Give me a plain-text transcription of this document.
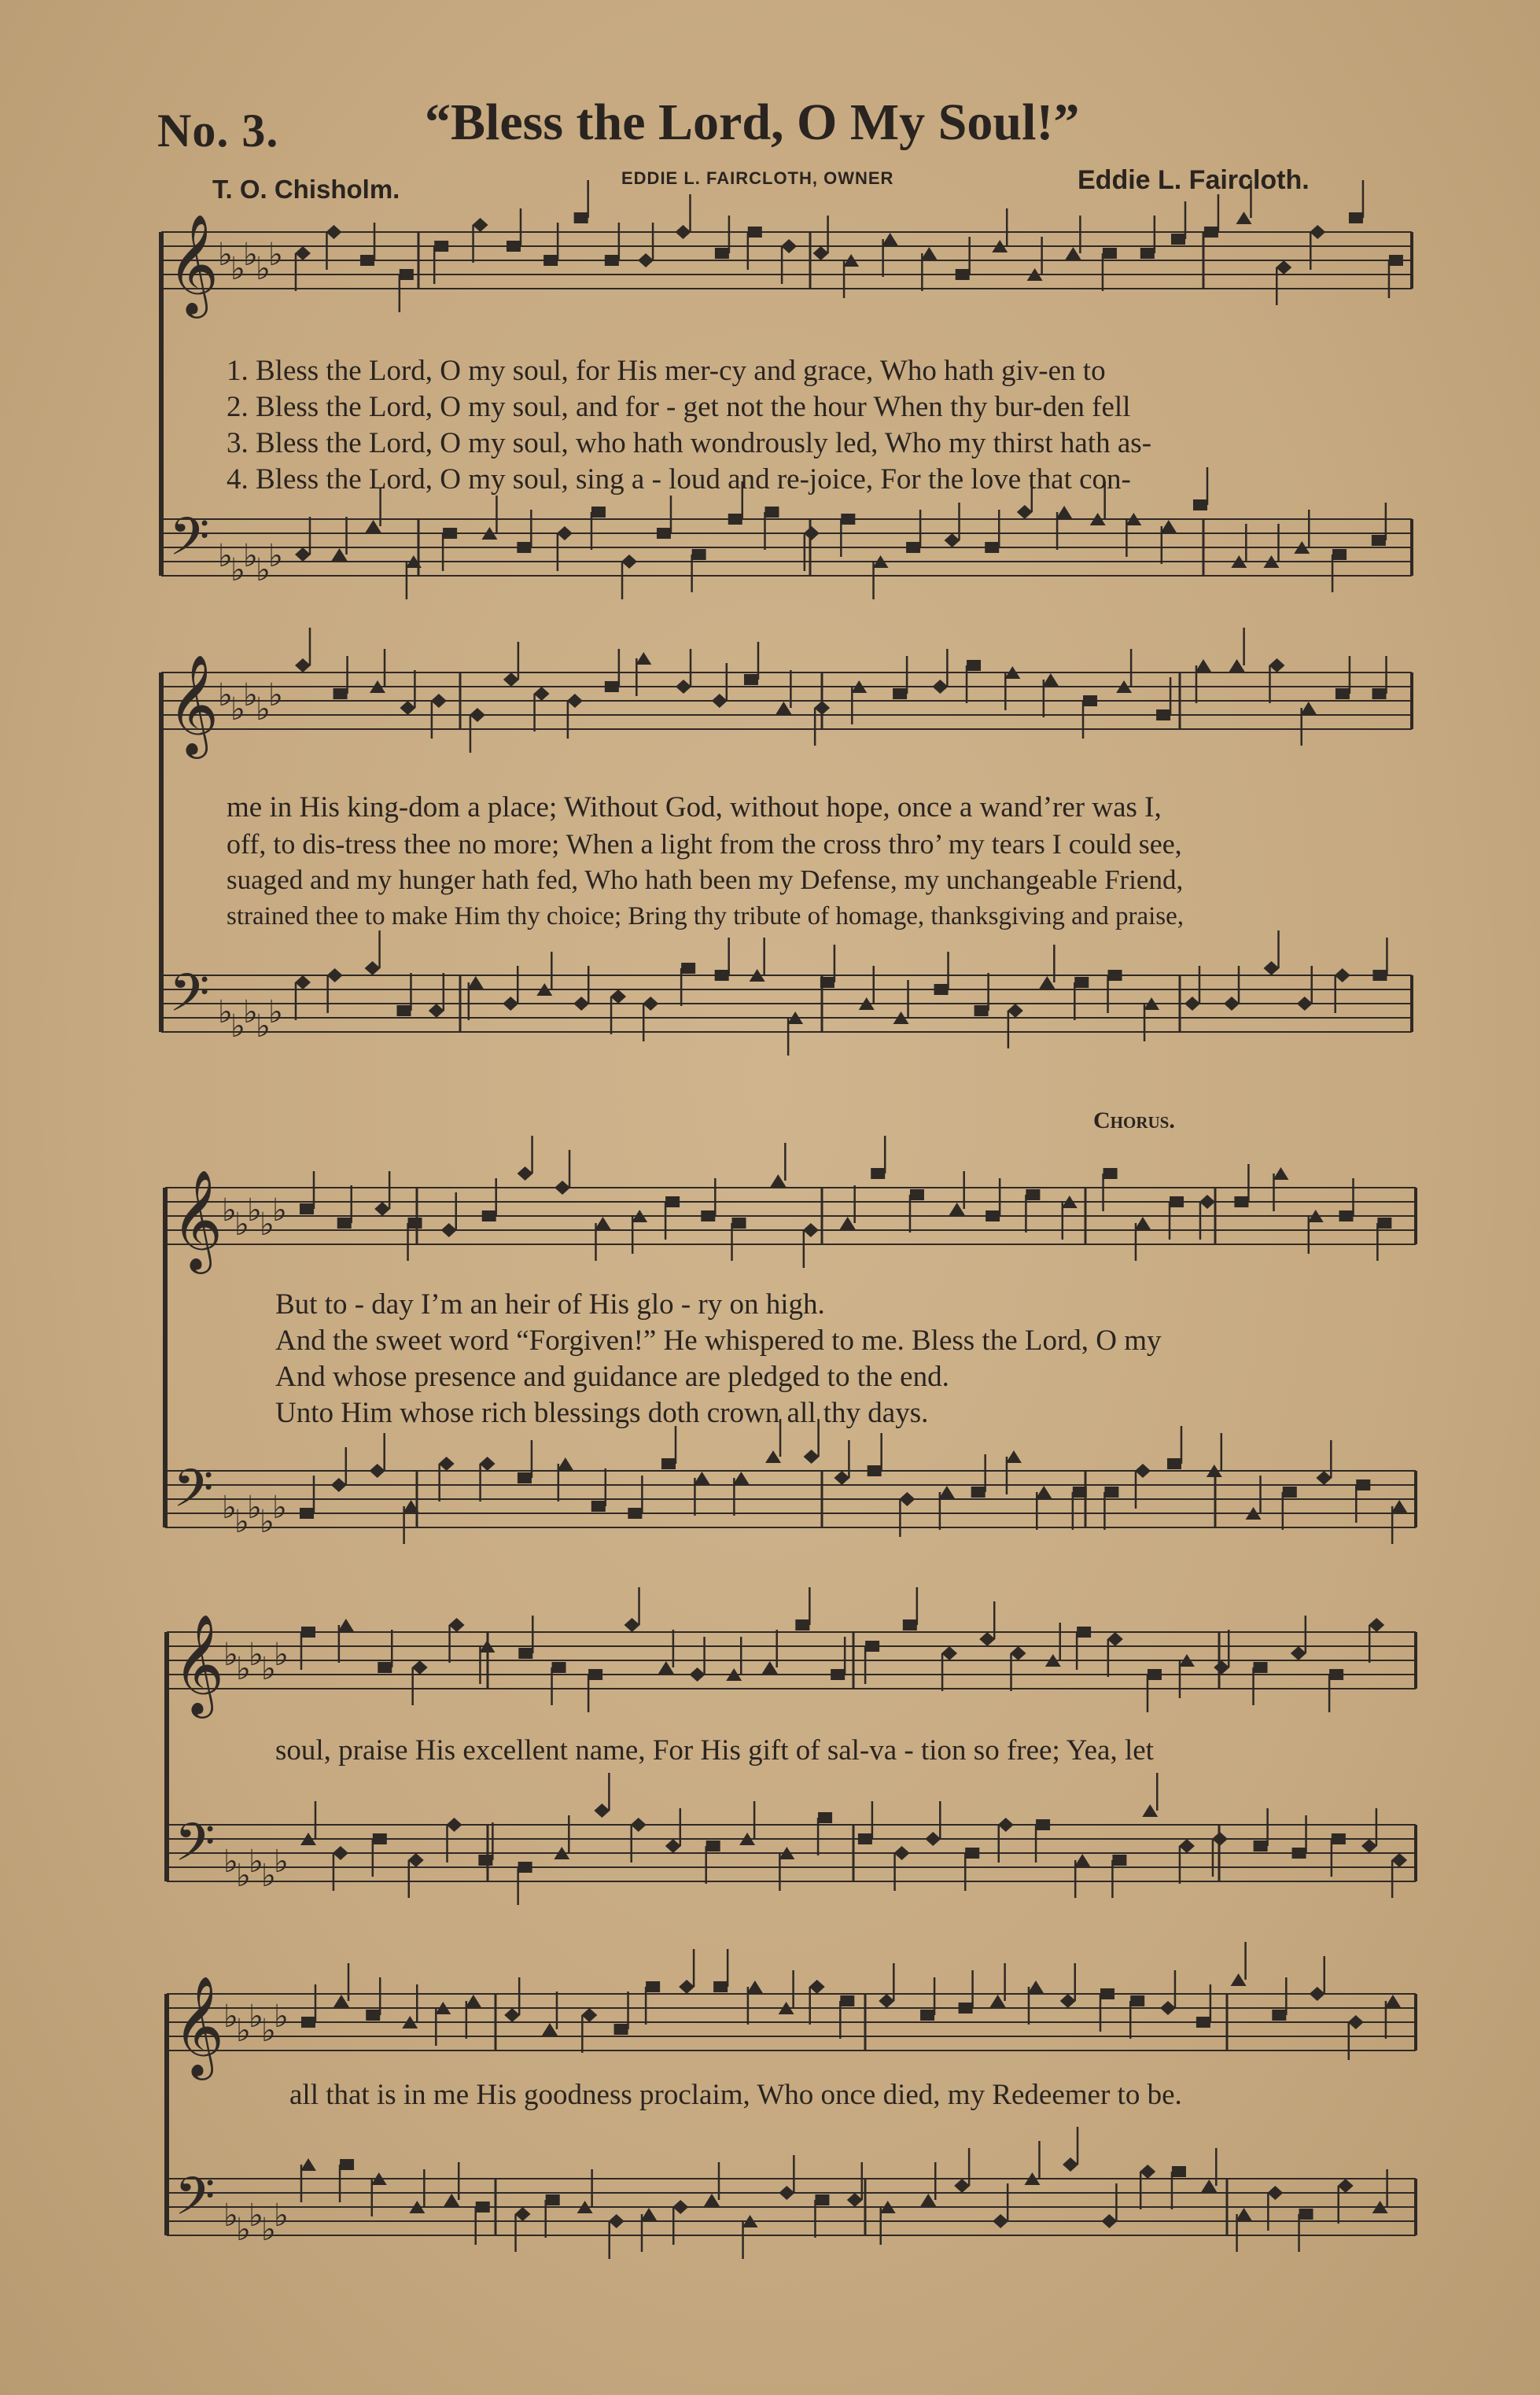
No. 3.	“Bless the Lord, O My Soul!”
T. O. Chisholm.	EDDIE L. FAIRCLOTH, OWNER	Eddie L. Faircloth.
Chorus.
𝄞
𝄢
♭
♭
♭
♭
♭
♭
♭
♭
♭
♭
1. Bless the Lord, O my soul, for His mer-cy and grace, Who hath giv-en to
2. Bless the Lord, O my soul, and for - get not the hour When thy bur-den fell
3. Bless the Lord, O my soul, who hath wondrously led, Who my thirst hath as-
4. Bless the Lord, O my soul, sing a - loud and re-joice, For the love that con-
𝄞
𝄢
♭
♭
♭
♭
♭
♭
♭
♭
♭
♭
me in His king-dom a place; Without God, without hope, once a wand’rer was I,
off, to dis-tress thee no more; When a light from the cross thro’ my tears I could see,
suaged and my hunger hath fed, Who hath been my Defense, my unchangeable Friend,
strained thee to make Him thy choice; Bring thy tribute of homage, thanksgiving and praise,
𝄞
𝄢
♭
♭
♭
♭
♭
♭
♭
♭
♭
♭
But to - day I’m an heir of His glo - ry on high.
And the sweet word “Forgiven!” He whispered to me. Bless the Lord, O my
And whose presence and guidance are pledged to the end.
Unto Him whose rich blessings doth crown all thy days.
𝄞
𝄢
♭
♭
♭
♭
♭
♭
♭
♭
♭
♭
soul, praise His excellent name, For His gift of sal-va - tion so free; Yea, let
𝄞
𝄢
♭
♭
♭
♭
♭
♭
♭
♭
♭
♭
all that is in me His goodness proclaim, Who once died, my Redeemer to be.
